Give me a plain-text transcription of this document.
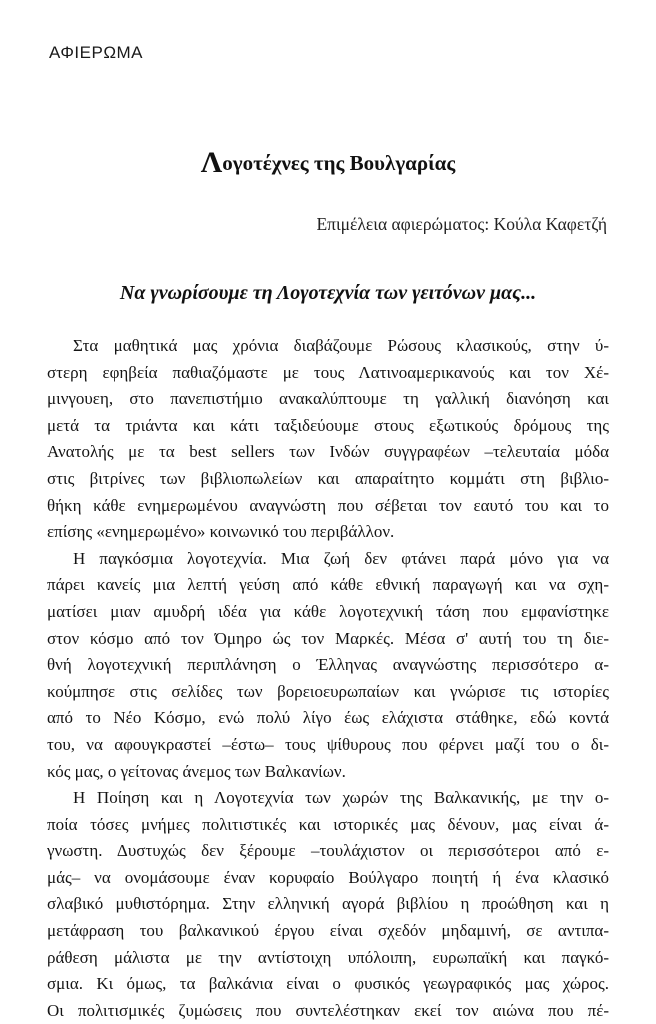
ΑΦΙΕΡΩΜΑ
Λογοτέχνες της Βουλγαρίας
Επιμέλεια αφιερώματος: Κούλα Καφετζή
Να γνωρίσουμε τη Λογοτεχνία των γειτόνων μας...
Στα μαθητικά μας χρόνια διαβάζουμε Ρώσους κλασικούς, στην ύ-
στερη εφηβεία παθιαζόμαστε με τους Λατινοαμερικανούς και τον Χέ-
μινγουεη, στο πανεπιστήμιο ανακαλύπτουμε τη γαλλική διανόηση και
μετά τα τριάντα και κάτι ταξιδεύουμε στους εξωτικούς δρόμους της
Ανατολής με τα best sellers των Ινδών συγγραφέων –τελευταία μόδα
στις βιτρίνες των βιβλιοπωλείων και απαραίτητο κομμάτι στη βιβλιο-
θήκη κάθε ενημερωμένου αναγνώστη που σέβεται τον εαυτό του και το
επίσης «ενημερωμένο» κοινωνικό του περιβάλλον.
Η παγκόσμια λογοτεχνία. Μια ζωή δεν φτάνει παρά μόνο για να
πάρει κανείς μια λεπτή γεύση από κάθε εθνική παραγωγή και να σχη-
ματίσει μιαν αμυδρή ιδέα για κάθε λογοτεχνική τάση που εμφανίστηκε
στον κόσμο από τον Όμηρο ώς τον Μαρκές. Μέσα σ' αυτή του τη διε-
θνή λογοτεχνική περιπλάνηση ο Έλληνας αναγνώστης περισσότερο α-
κούμπησε στις σελίδες των βορειοευρωπαίων και γνώρισε τις ιστορίες
από το Νέο Κόσμο, ενώ πολύ λίγο έως ελάχιστα στάθηκε, εδώ κοντά
του, να αφουγκραστεί –έστω– τους ψίθυρους που φέρνει μαζί του ο δι-
κός μας, ο γείτονας άνεμος των Βαλκανίων.
Η Ποίηση και η Λογοτεχνία των χωρών της Βαλκανικής, με την ο-
ποία τόσες μνήμες πολιτιστικές και ιστορικές μας δένουν, μας είναι ά-
γνωστη. Δυστυχώς δεν ξέρουμε –τουλάχιστον οι περισσότεροι από ε-
μάς– να ονομάσουμε έναν κορυφαίο Βούλγαρο ποιητή ή ένα κλασικό
σλαβικό μυθιστόρημα. Στην ελληνική αγορά βιβλίου η προώθηση και η
μετάφραση του βαλκανικού έργου είναι σχεδόν μηδαμινή, σε αντιπα-
ράθεση μάλιστα με την αντίστοιχη υπόλοιπη, ευρωπαϊκή και παγκό-
σμια. Κι όμως, τα βαλκάνια είναι ο φυσικός γεωγραφικός μας χώρος.
Οι πολιτισμικές ζυμώσεις που συντελέστηκαν εκεί τον αιώνα που πέ-
